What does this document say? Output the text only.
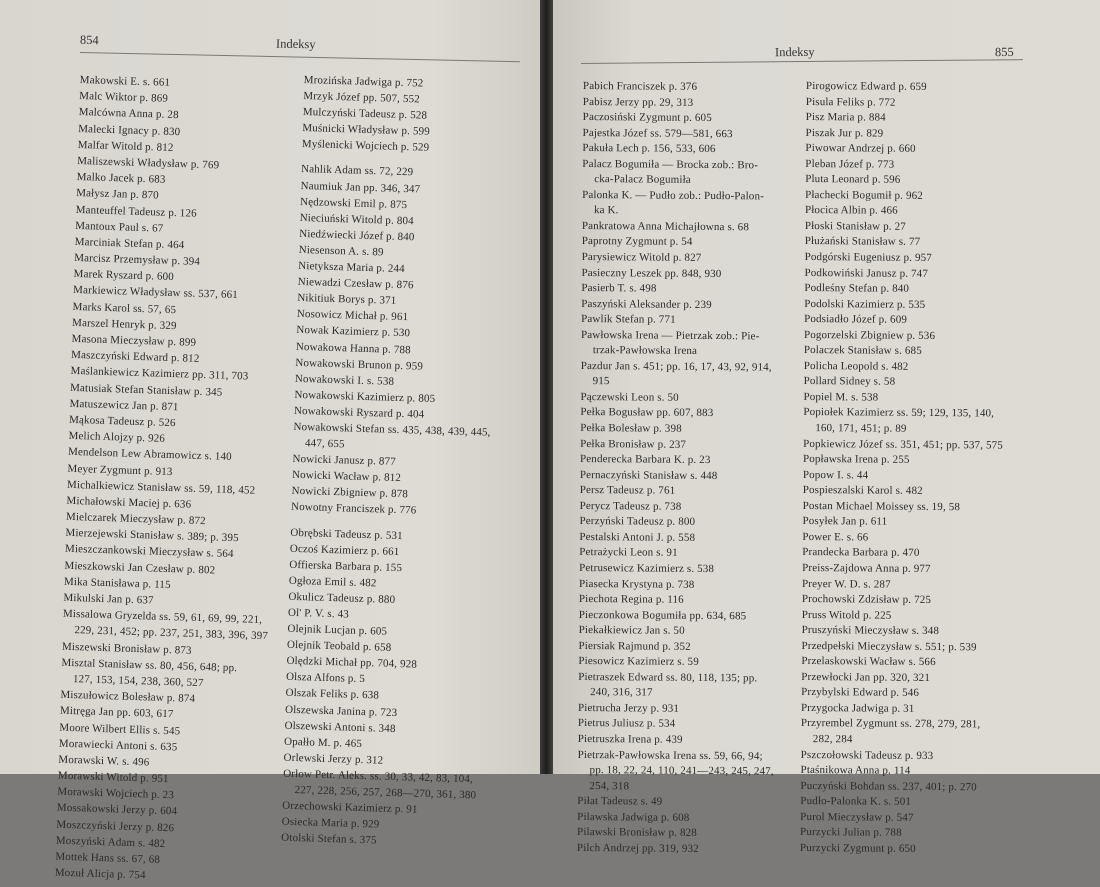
854	Indeksy
Makowski E. s. 661
Malc Wiktor p. 869
Malcówna Anna p. 28
Malecki Ignacy p. 830
Malfar Witold p. 812
Maliszewski Władysław p. 769
Malko Jacek p. 683
Małysz Jan p. 870
Manteuffel Tadeusz p. 126
Mantoux Paul s. 67
Marciniak Stefan p. 464
Marcisz Przemysław p. 394
Marek Ryszard p. 600
Markiewicz Władysław ss. 537, 661
Marks Karol ss. 57, 65
Marszel Henryk p. 329
Masona Mieczysław p. 899
Maszczyński Edward p. 812
Maślankiewicz Kazimierz pp. 311, 703
Matusiak Stefan Stanisław p. 345
Matuszewicz Jan p. 871
Mąkosa Tadeusz p. 526
Melich Alojzy p. 926
Mendelson Lew Abramowicz s. 140
Meyer Zygmunt p. 913
Michalkiewicz Stanisław ss. 59, 118, 452
Michałowski Maciej p. 636
Mielczarek Mieczysław p. 872
Mierzejewski Stanisław s. 389; p. 395
Mieszczankowski Mieczysław s. 564
Mieszkowski Jan Czesław p. 802
Mika Stanisława p. 115
Mikulski Jan p. 637
Missalowa Gryzelda ss. 59, 61, 69, 99, 221,
229, 231, 452; pp. 237, 251, 383, 396, 397
Miszewski Bronisław p. 873
Misztal Stanisław ss. 80, 456, 648; pp.
127, 153, 154, 238, 360, 527
Miszułowicz Bolesław p. 874
Mitręga Jan pp. 603, 617
Moore Wilbert Ellis s. 545
Morawiecki Antoni s. 635
Morawski W. s. 496
Morawski Witold p. 951
Morawski Wojciech p. 23
Mossakowski Jerzy p. 604
Moszczyński Jerzy p. 826
Moszyński Adam s. 482
Mottek Hans ss. 67, 68
Mozuł Alicja p. 754
Mrozińska Jadwiga p. 752
Mrzyk Józef pp. 507, 552
Mulczyński Tadeusz p. 528
Muśnicki Władysław p. 599
Myślenicki Wojciech p. 529
Nahlik Adam ss. 72, 229
Naumiuk Jan pp. 346, 347
Nędzowski Emil p. 875
Nieciuński Witold p. 804
Niedźwiecki Józef p. 840
Niesenson A. s. 89
Nietyksza Maria p. 244
Niewadzi Czesław p. 876
Nikitiuk Borys p. 371
Nosowicz Michał p. 961
Nowak Kazimierz p. 530
Nowakowa Hanna p. 788
Nowakowski Brunon p. 959
Nowakowski I. s. 538
Nowakowski Kazimierz p. 805
Nowakowski Ryszard p. 404
Nowakowski Stefan ss. 435, 438, 439, 445,
447, 655
Nowicki Janusz p. 877
Nowicki Wacław p. 812
Nowicki Zbigniew p. 878
Nowotny Franciszek p. 776
Obrębski Tadeusz p. 531
Oczoś Kazimierz p. 661
Offierska Barbara p. 155
Ogłoza Emil s. 482
Okulicz Tadeusz p. 880
Ol' P. V. s. 43
Olejnik Lucjan p. 605
Olejnik Teobald p. 658
Olędzki Michał pp. 704, 928
Olsza Alfons p. 5
Olszak Feliks p. 638
Olszewska Janina p. 723
Olszewski Antoni s. 348
Opałło M. p. 465
Orlewski Jerzy p. 312
Orłow Petr. Aleks. ss. 30, 33, 42, 83, 104,
227, 228, 256, 257, 268—270, 361, 380
Orzechowski Kazimierz p. 91
Osiecka Maria p. 929
Otolski Stefan s. 375
Indeksy	855
Pabich Franciszek p. 376
Pabisz Jerzy pp. 29, 313
Paczosiński Zygmunt p. 605
Pajestka Józef ss. 579—581, 663
Pakuła Lech p. 156, 533, 606
Palacz Bogumiła — Brocka zob.: Bro-
cka-Palacz Bogumiła
Palonka K. — Pudło zob.: Pudło-Palon-
ka K.
Pankratowa Anna Michajłowna s. 68
Paprotny Zygmunt p. 54
Parysiewicz Witold p. 827
Pasieczny Leszek pp. 848, 930
Pasierb T. s. 498
Paszyński Aleksander p. 239
Pawlik Stefan p. 771
Pawłowska Irena — Pietrzak zob.: Pie-
trzak-Pawłowska Irena
Pazdur Jan s. 451; pp. 16, 17, 43, 92, 914,
915
Pączewski Leon s. 50
Pełka Bogusław pp. 607, 883
Pełka Bolesław p. 398
Pełka Bronisław p. 237
Penderecka Barbara K. p. 23
Pernaczyński Stanisław s. 448
Persz Tadeusz p. 761
Perycz Tadeusz p. 738
Perzyński Tadeusz p. 800
Pestalski Antoni J. p. 558
Petrażycki Leon s. 91
Petrusewicz Kazimierz s. 538
Piasecka Krystyna p. 738
Piechota Regina p. 116
Pieczonkowa Bogumiła pp. 634, 685
Piekałkiewicz Jan s. 50
Piersiak Rajmund p. 352
Piesowicz Kazimierz s. 59
Pietraszek Edward ss. 80, 118, 135; pp.
240, 316, 317
Pietrucha Jerzy p. 931
Pietrus Juliusz p. 534
Pietruszka Irena p. 439
Pietrzak-Pawłowska Irena ss. 59, 66, 94;
pp. 18, 22, 24, 110, 241—243, 245, 247,
254, 318
Piłat Tadeusz s. 49
Pilawska Jadwiga p. 608
Pilawski Bronisław p. 828
Pilch Andrzej pp. 319, 932
Pirogowicz Edward p. 659
Pisula Feliks p. 772
Pisz Maria p. 884
Piszak Jur p. 829
Piwowar Andrzej p. 660
Pleban Józef p. 773
Pluta Leonard p. 596
Płachecki Bogumił p. 962
Płocica Albin p. 466
Płoski Stanisław p. 27
Płużański Stanisław s. 77
Podgórski Eugeniusz p. 957
Podkowiński Janusz p. 747
Podleśny Stefan p. 840
Podolski Kazimierz p. 535
Podsiadło Józef p. 609
Pogorzelski Zbigniew p. 536
Polaczek Stanisław s. 685
Policha Leopold s. 482
Pollard Sidney s. 58
Popiel M. s. 538
Popiołek Kazimierz ss. 59; 129, 135, 140,
160, 171, 451; p. 89
Popkiewicz Józef ss. 351, 451; pp. 537, 575
Popławska Irena p. 255
Popow I. s. 44
Pospieszalski Karol s. 482
Postan Michael Moissey ss. 19, 58
Posyłek Jan p. 611
Power E. s. 66
Prandecka Barbara p. 470
Preiss-Zajdowa Anna p. 977
Preyer W. D. s. 287
Prochowski Zdzisław p. 725
Pruss Witold p. 225
Pruszyński Mieczysław s. 348
Przedpełski Mieczysław s. 551; p. 539
Przelaskowski Wacław s. 566
Przewłocki Jan pp. 320, 321
Przybylski Edward p. 546
Przygocka Jadwiga p. 31
Przyrembel Zygmunt ss. 278, 279, 281,
282, 284
Pszczołowski Tadeusz p. 933
Ptaśnikowa Anna p. 114
Puczyński Bohdan ss. 237, 401; p. 270
Pudło-Palonka K. s. 501
Purol Mieczysław p. 547
Purzycki Julian p. 788
Purzycki Zygmunt p. 650
